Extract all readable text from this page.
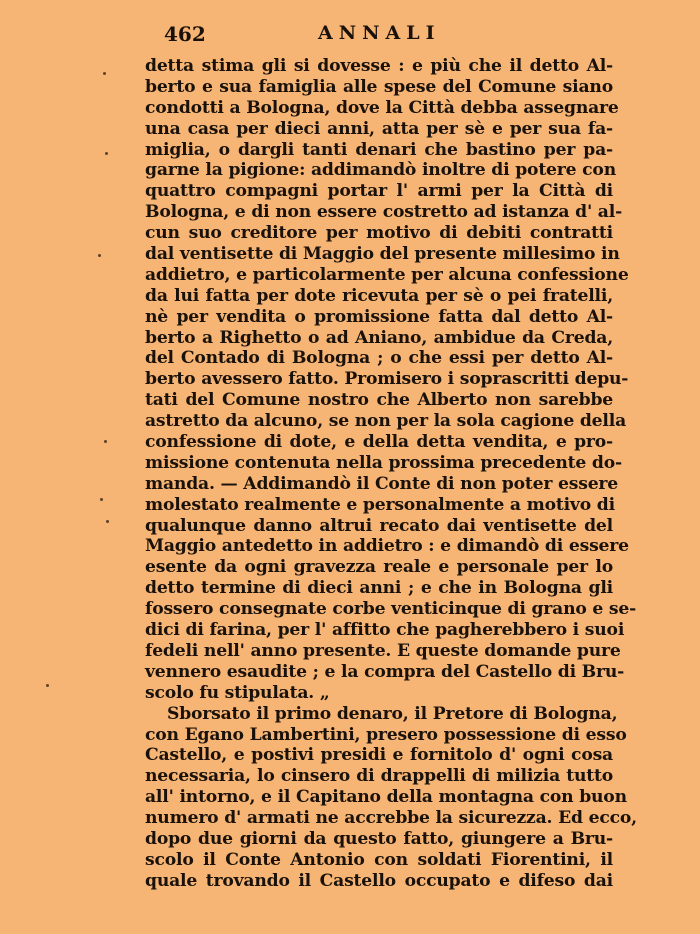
462	ANNALI
detta stima gli si dovesse : e più che il detto Al-
berto e sua famiglia alle spese del Comune siano
condotti a Bologna, dove la Città debba assegnare
una casa per dieci anni, atta per sè e per sua fa-
miglia, o dargli tanti denari che bastino per pa-
garne la pigione: addimandò inoltre di potere con
quattro compagni portar l' armi per la Città di
Bologna, e di non essere costretto ad istanza d' al-
cun suo creditore per motivo di debiti contratti
dal ventisette di Maggio del presente millesimo in
addietro, e particolarmente per alcuna confessione
da lui fatta per dote ricevuta per sè o pei fratelli,
nè per vendita o promissione fatta dal detto Al-
berto a Righetto o ad Aniano, ambidue da Creda,
del Contado di Bologna ; o che essi per detto Al-
berto avessero fatto. Promisero i soprascritti depu-
tati del Comune nostro che Alberto non sarebbe
astretto da alcuno, se non per la sola cagione della
confessione di dote, e della detta vendita, e pro-
missione contenuta nella prossima precedente do-
manda. — Addimandò il Conte di non poter essere
molestato realmente e personalmente a motivo di
qualunque danno altrui recato dai ventisette del
Maggio antedetto in addietro : e dimandò di essere
esente da ogni gravezza reale e personale per lo
detto termine di dieci anni ; e che in Bologna gli
fossero consegnate corbe venticinque di grano e se-
dici di farina, per l' affitto che pagherebbero i suoi
fedeli nell' anno presente. E queste domande pure
vennero esaudite ; e la compra del Castello di Bru-
scolo fu stipulata. „
Sborsato il primo denaro, il Pretore di Bologna,
con Egano Lambertini, presero possessione di esso
Castello, e postivi presidi e fornitolo d' ogni cosa
necessaria, lo cinsero di drappelli di milizia tutto
all' intorno, e il Capitano della montagna con buon
numero d' armati ne accrebbe la sicurezza. Ed ecco,
dopo due giorni da questo fatto, giungere a Bru-
scolo il Conte Antonio con soldati Fiorentini, il
quale trovando il Castello occupato e difeso dai
